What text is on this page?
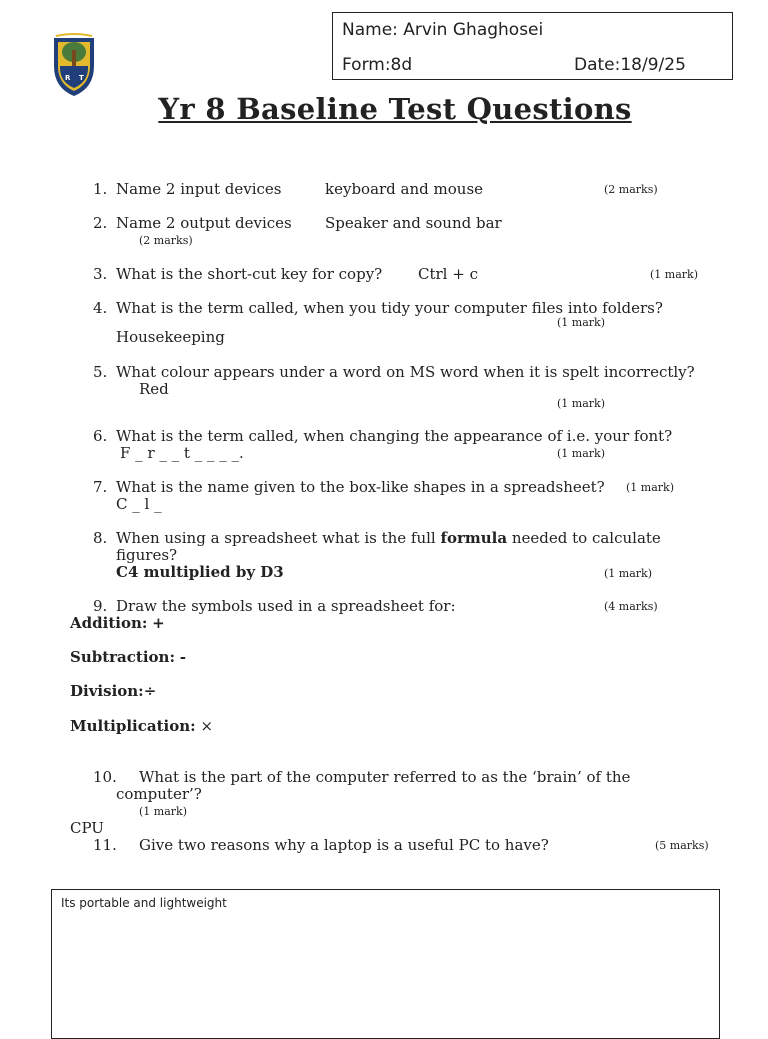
R T
Name: Arvin Ghaghosei
Form:8d	Date:18/9/25
Yr 8 Baseline Test Questions
1. Name 2 input devices	keyboard and mouse	(2 marks)
2. Name 2 output devices Speaker and sound bar
(2 marks)
3. What is the short-cut key for copy? Ctrl + c	(1 mark)
4. What is the term called, when you tidy your computer files into folders?
(1 mark)
Housekeeping
5. What colour appears under a word on MS word when it is spelt incorrectly?
Red
(1 mark)
6. What is the term called, when changing the appearance of i.e. your font?
F _ r _ _ t _ _ _ _.	(1 mark)
7. What is the name given to the box-like shapes in a spreadsheet? (1 mark)
C _ l _
8. When using a spreadsheet what is the full formula needed to calculate
figures?
C4 multiplied by D3	(1 mark)
9. Draw the symbols used in a spreadsheet for:	(4 marks)
Addition: +
Subtraction: -
Division:÷
Multiplication: ×
10. What is the part of the computer referred to as the ‘brain’ of the
computer’?
(1 mark)
CPU
11. Give two reasons why a laptop is a useful PC to have?	(5 marks)
Its portable and lightweight
